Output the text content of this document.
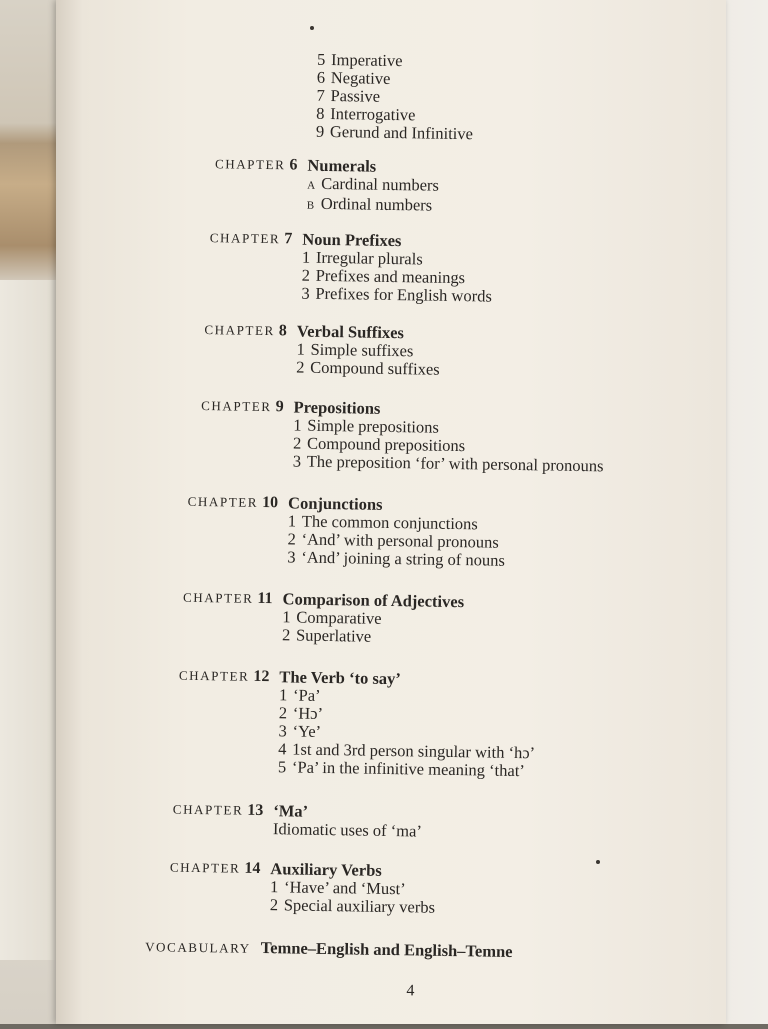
5 Imperative
6 Negative
7 Passive
8 Interrogative
9 Gerund and Infinitive
CHAPTER 6 Numerals
A Cardinal numbers
B Ordinal numbers
CHAPTER 7 Noun Prefixes
1 Irregular plurals
2 Prefixes and meanings
3 Prefixes for English words
CHAPTER 8 Verbal Suffixes
1 Simple suffixes
2 Compound suffixes
CHAPTER 9 Prepositions
1 Simple prepositions
2 Compound prepositions
3 The preposition ‘for’ with personal pronouns
CHAPTER 10 Conjunctions
1 The common conjunctions
2 ‘And’ with personal pronouns
3 ‘And’ joining a string of nouns
CHAPTER 11 Comparison of Adjectives
1 Comparative
2 Superlative
CHAPTER 12 The Verb ‘to say’
1 ‘Pa’
2 ‘Hɔ’
3 ‘Ye’
4 1st and 3rd person singular with ‘hɔ’
5 ‘Pa’ in the infinitive meaning ‘that’
CHAPTER 13 ‘Ma’
Idiomatic uses of ‘ma’
CHAPTER 14 Auxiliary Verbs
1 ‘Have’ and ‘Must’
2 Special auxiliary verbs
VOCABULARY Temne–English and English–Temne
4
